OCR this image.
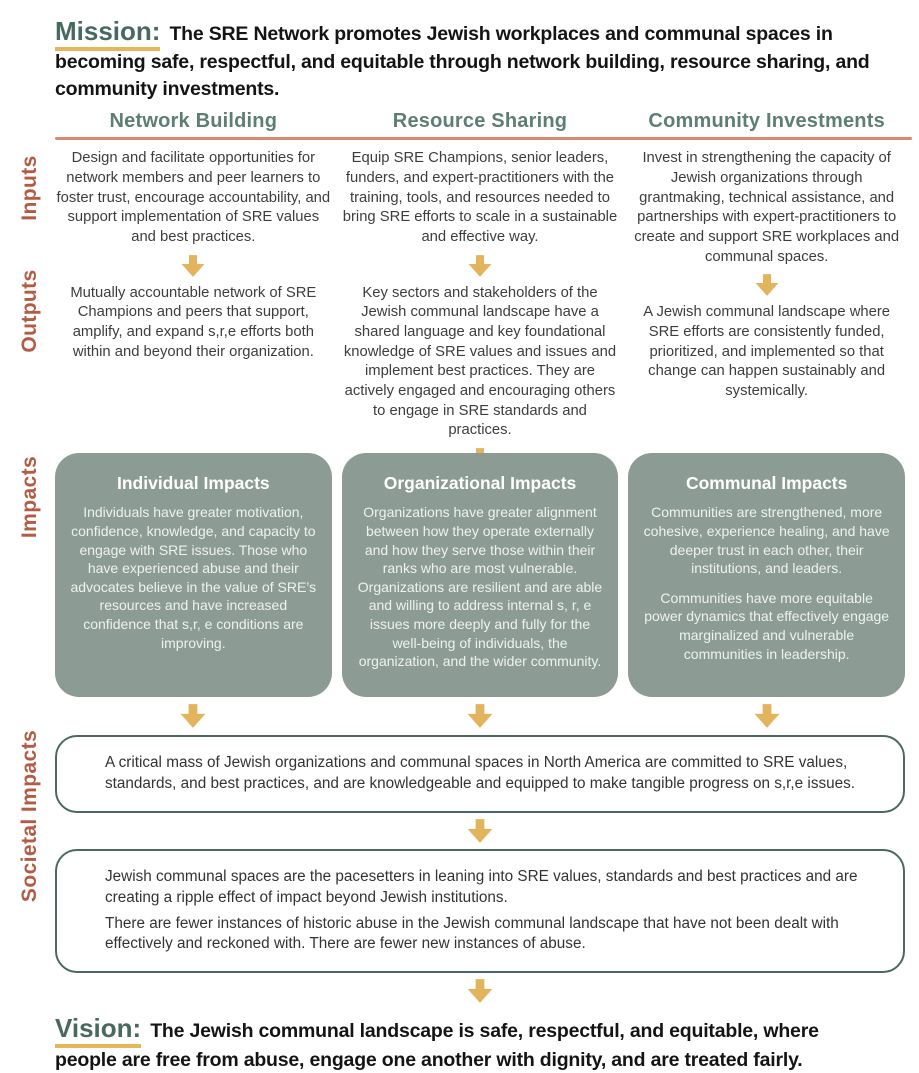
Mission: The SRE Network promotes Jewish workplaces and communal spaces in becoming safe, respectful, and equitable through network building, resource sharing, and community investments.

Inputs
Outputs
Impacts
Societal Impacts
Network Building	Resource Sharing	Community Investments
Design and facilitate opportunities for network members and peer learners to foster trust, encourage accountability, and support implementation of SRE values and best practices.
Mutually accountable network of SRE Champions and peers that support, amplify, and expand s,r,e efforts both within and beyond their organization.
Equip SRE Champions, senior leaders, funders, and expert-practitioners with the training, tools, and resources needed to bring SRE efforts to scale in a sustainable and effective way.
Key sectors and stakeholders of the Jewish communal landscape have a shared language and key foundational knowledge of SRE values and issues and implement best practices. They are actively engaged and encouraging others to engage in SRE standards and practices.
Invest in strengthening the capacity of Jewish organizations through grantmaking, technical assistance, and partnerships with expert-practitioners to create and support SRE workplaces and communal spaces.
A Jewish communal landscape where SRE efforts are consistently funded, prioritized, and implemented so that change can happen sustainably and systemically.
Individual Impacts

Individuals have greater motivation, confidence, knowledge, and capacity to engage with SRE issues. Those who have experienced abuse and their advocates believe in the value of SRE’s resources and have increased confidence that s,r, e conditions are improving.

Organizational Impacts

Organizations have greater alignment between how they operate externally and how they serve those within their ranks who are most vulnerable. Organizations are resilient and are able and willing to address internal s, r, e issues more deeply and fully for the well-being of individuals, the organization, and the wider community.

Communal Impacts

Communities are strengthened, more cohesive, experience healing, and have deeper trust in each other, their institutions, and leaders.

Communities have more equitable power dynamics that effectively engage marginalized and vulnerable communities in leadership.

A critical mass of Jewish organizations and communal spaces in North America are committed to SRE values, standards, and best practices, and are knowledgeable and equipped to make tangible progress on s,r,e issues.

Jewish communal spaces are the pacesetters in leaning into SRE values, standards and best practices and are creating a ripple effect of impact beyond Jewish institutions.

There are fewer instances of historic abuse in the Jewish communal landscape that have not been dealt with effectively and reckoned with. There are fewer new instances of abuse.

Vision: The Jewish communal landscape is safe, respectful, and equitable, where people are free from abuse, engage one another with dignity, and are treated fairly.
